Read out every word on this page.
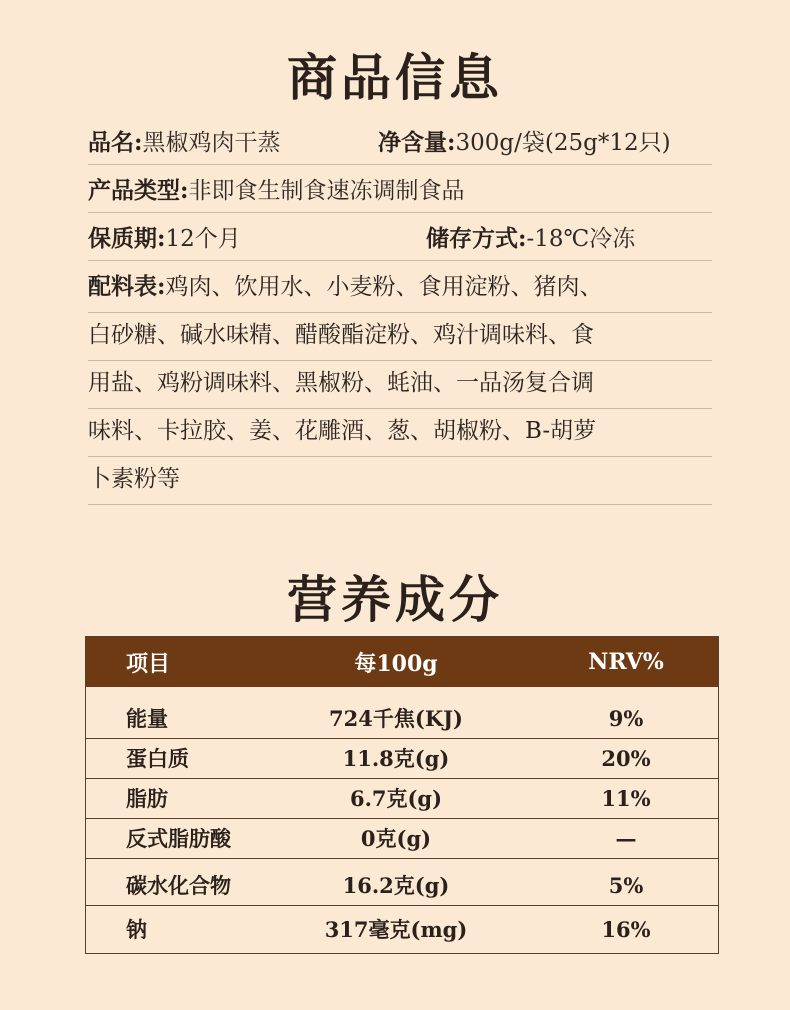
商品信息
品名:黑椒鸡肉干蒸	净含量:300g/袋(25g*12只)
产品类型:非即食生制食速冻调制食品
保质期:12个月	储存方式:-18℃冷冻
配料表:鸡肉、饮用水、小麦粉、食用淀粉、猪肉、
白砂糖、碱水味精、醋酸酯淀粉、鸡汁调味料、食
用盐、鸡粉调味料、黑椒粉、蚝油、一品汤复合调
味料、卡拉胶、姜、花雕酒、葱、胡椒粉、B-胡萝
卜素粉等
营养成分
项目	每100g	NRV%
能量	724千焦(KJ)	9%
蛋白质	11.8克(g)	20%
脂肪	6.7克(g)	11%
反式脂肪酸	0克(g)	—
碳水化合物	16.2克(g)	5%
钠	317毫克(mg)	16%
